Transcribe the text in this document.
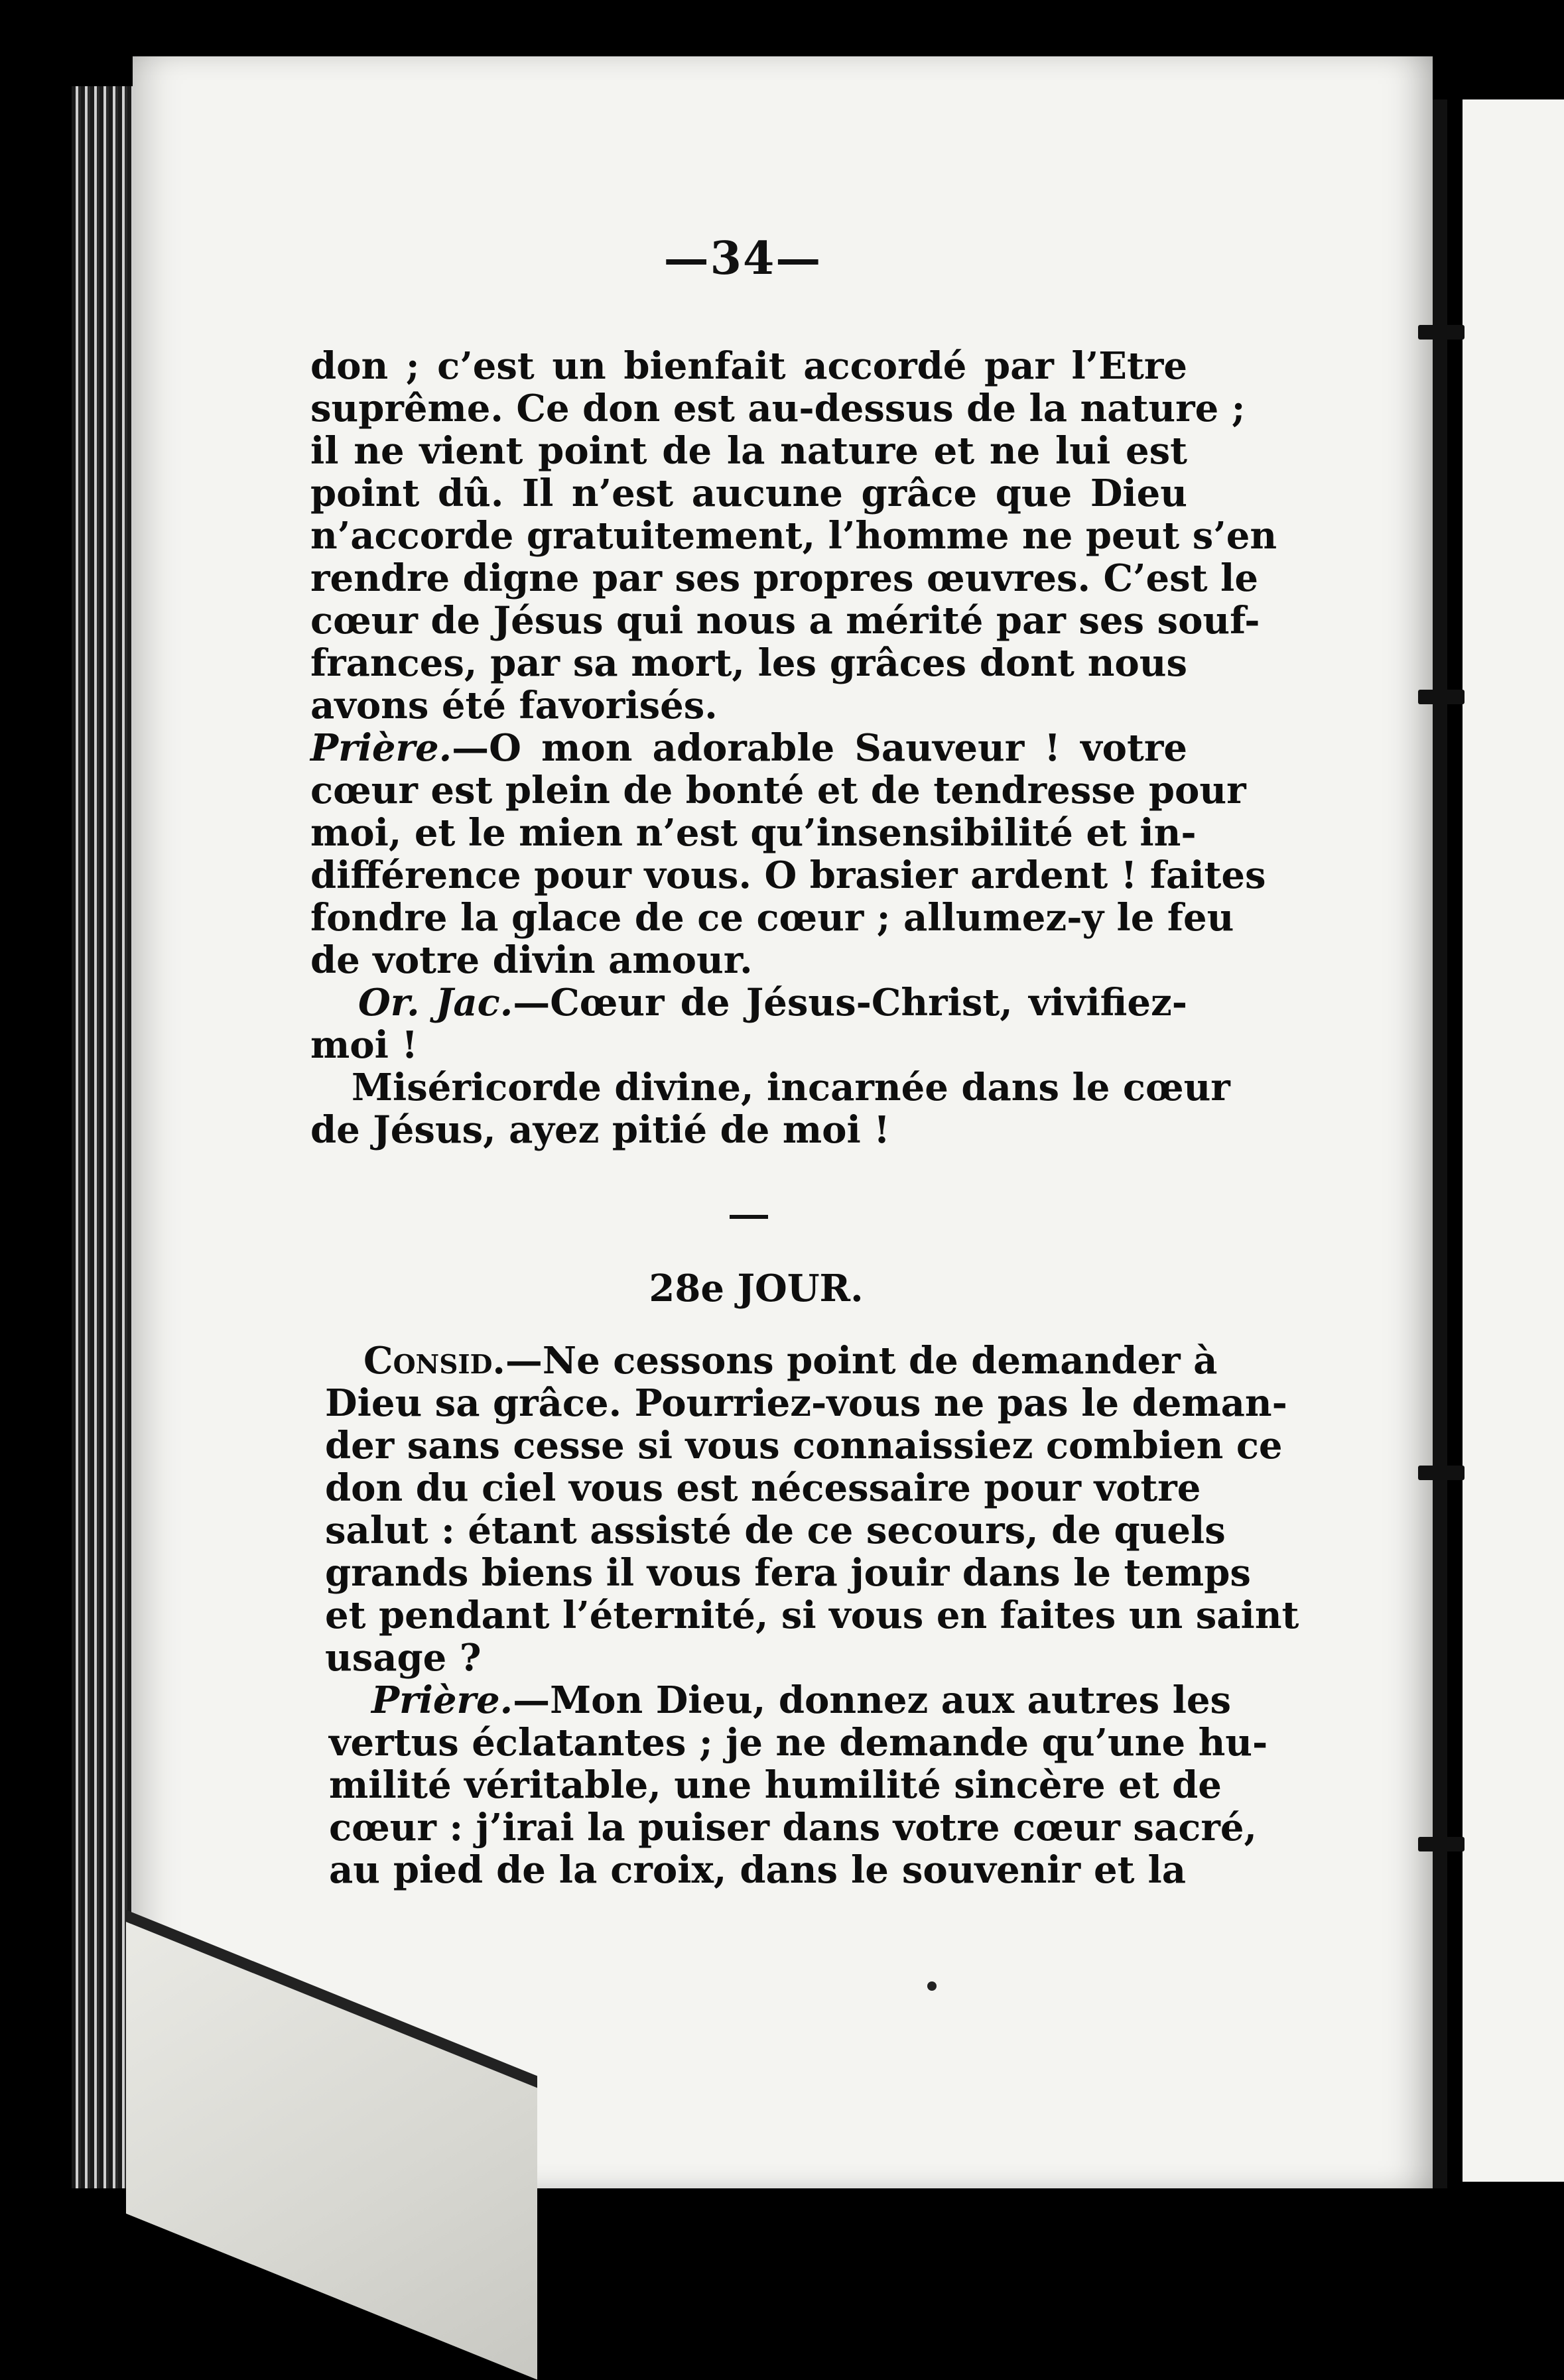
—34—

don ; c’est un bienfait accordé par l’Etre

suprême. Ce don est au-dessus de la nature ;

il ne vient point de la nature et ne lui est

point dû. Il n’est aucune grâce que Dieu

n’accorde gratuitement, l’homme ne peut s’en

rendre digne par ses propres œuvres. C’est le

cœur de Jésus qui nous a mérité par ses souf-

frances, par sa mort, les grâces dont nous

avons été favorisés.

Prière.—O mon adorable Sauveur ! votre

cœur est plein de bonté et de tendresse pour

moi, et le mien n’est qu’insensibilité et in-

différence pour vous. O brasier ardent ! faites

fondre la glace de ce cœur ; allumez-y le feu

de votre divin amour.

Or. Jac.—Cœur de Jésus-Christ, vivifiez-

moi !

Miséricorde divine, incarnée dans le cœur

de Jésus, ayez pitié de moi !

28e JOUR.

Consid.—Ne cessons point de demander à

Dieu sa grâce. Pourriez-vous ne pas le deman-

der sans cesse si vous connaissiez combien ce

don du ciel vous est nécessaire pour votre

salut : étant assisté de ce secours, de quels

grands biens il vous fera jouir dans le temps

et pendant l’éternité, si vous en faites un saint

usage ?

Prière.—Mon Dieu, donnez aux autres les

vertus éclatantes ; je ne demande qu’une hu-

milité véritable, une humilité sincère et de

cœur : j’irai la puiser dans votre cœur sacré,

au pied de la croix, dans le souvenir et la
